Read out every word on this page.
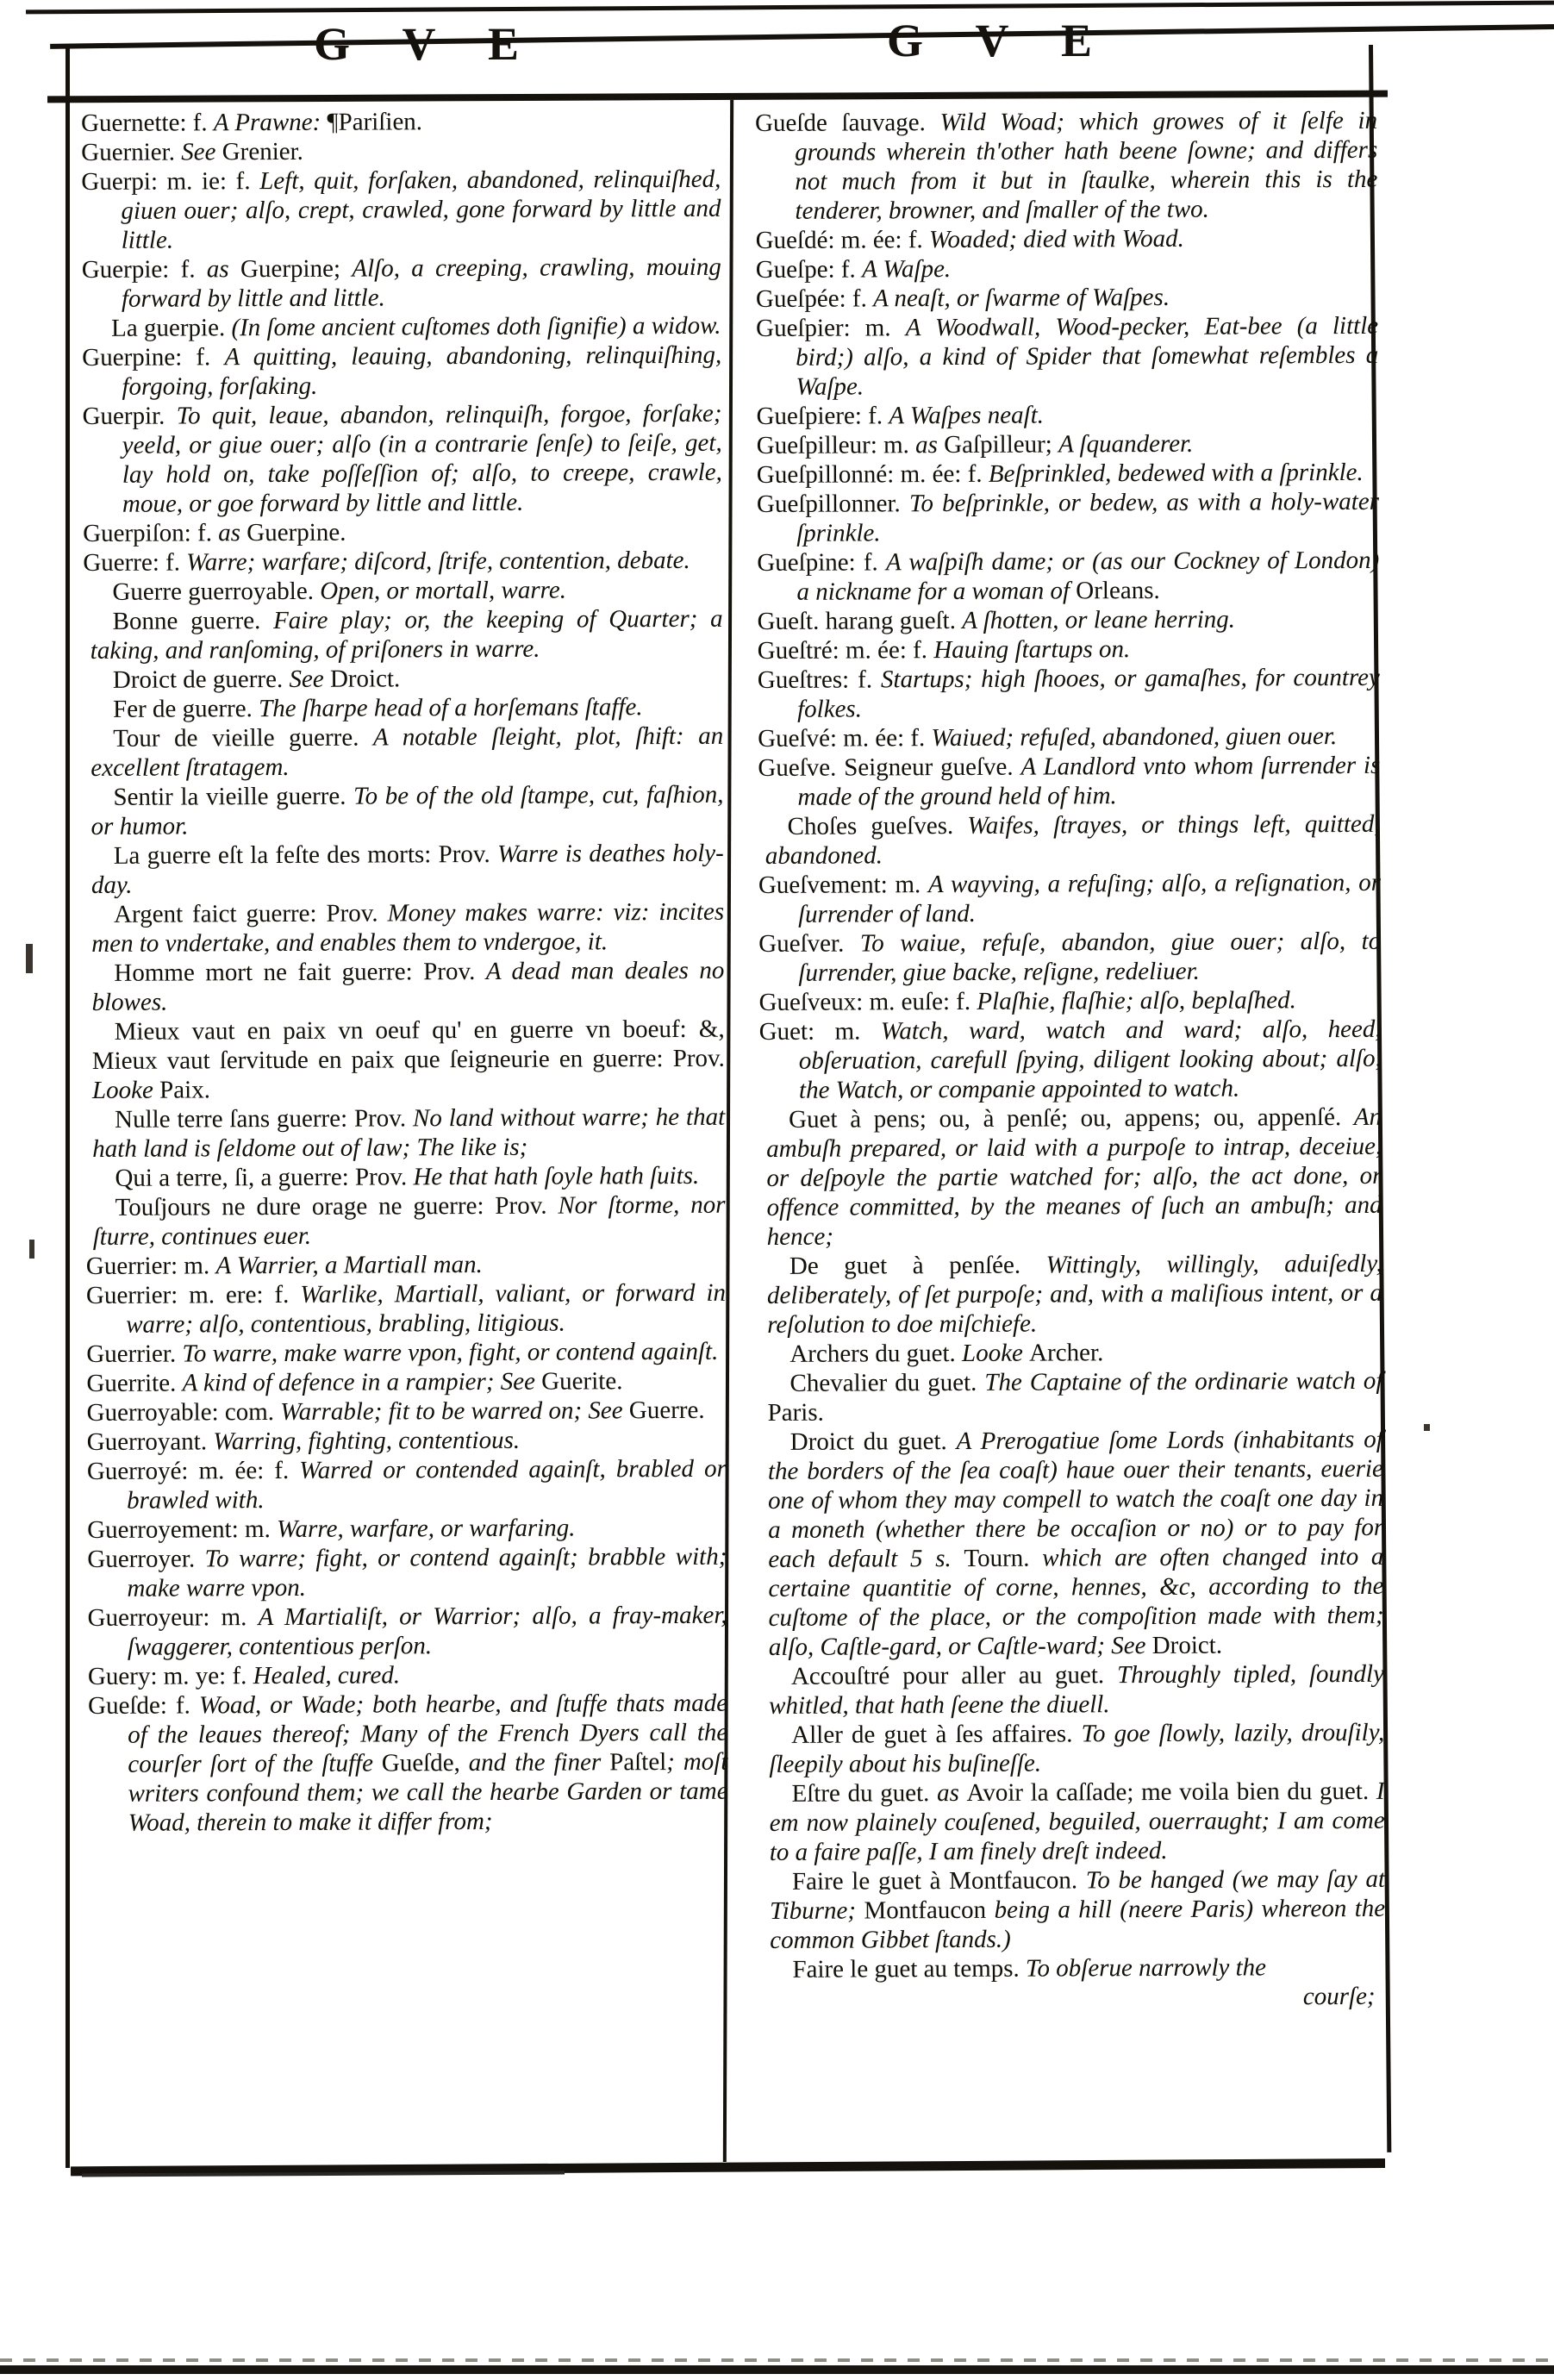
G V E	G V E

Guernette: f. A Prawne: ¶Pariſien.

Guernier. See Grenier.

Guerpi: m. ie: f. Left, quit, forſaken, abandoned, relinquiſhed, giuen ouer; alſo, crept, crawled, gone forward by little and little.

Guerpie: f. as Guerpine; Alſo, a creeping, crawling, mouing forward by little and little.

La guerpie. (In ſome ancient cuſtomes doth ſignifie) a widow.

Guerpine: f. A quitting, leauing, abandoning, relinquiſhing, forgoing, forſaking.

Guerpir. To quit, leaue, abandon, relinquiſh, forgoe, forſake; yeeld, or giue ouer; alſo (in a contrarie ſenſe) to ſeiſe, get, lay hold on, take poſſeſſion of; alſo, to creepe, crawle, moue, or goe forward by little and little.

Guerpiſon: f. as Guerpine.

Guerre: f. Warre; warfare; diſcord, ſtrife, contention, debate.

Guerre guerroyable. Open, or mortall, warre.

Bonne guerre. Faire play; or, the keeping of Quarter; a taking, and ranſoming, of priſoners in warre.

Droict de guerre. See Droict.

Fer de guerre. The ſharpe head of a horſemans ſtaffe.

Tour de vieille guerre. A notable ſleight, plot, ſhift: an excellent ſtratagem.

Sentir la vieille guerre. To be of the old ſtampe, cut, faſhion, or humor.

La guerre eſt la feſte des morts: Prov. Warre is deathes holy-day.

Argent faict guerre: Prov. Money makes warre: viz: incites men to vndertake, and enables them to vndergoe, it.

Homme mort ne fait guerre: Prov. A dead man deales no blowes.

Mieux vaut en paix vn oeuf qu' en guerre vn boeuf: &, Mieux vaut ſervitude en paix que ſeigneurie en guerre: Prov. Looke Paix.

Nulle terre ſans guerre: Prov. No land without warre; he that hath land is ſeldome out of law; The like is;

Qui a terre, ſi, a guerre: Prov. He that hath ſoyle hath ſuits.

Touſjours ne dure orage ne guerre: Prov. Nor ſtorme, nor ſturre, continues euer.

Guerrier: m. A Warrier, a Martiall man.

Guerrier: m. ere: f. Warlike, Martiall, valiant, or forward in warre; alſo, contentious, brabling, litigious.

Guerrier. To warre, make warre vpon, fight, or contend againſt.

Guerrite. A kind of defence in a rampier; See Guerite.

Guerroyable: com. Warrable; fit to be warred on; See Guerre.

Guerroyant. Warring, fighting, contentious.

Guerroyé: m. ée: f. Warred or contended againſt, brabled or brawled with.

Guerroyement: m. Warre, warfare, or warfaring.

Guerroyer. To warre; fight, or contend againſt; brabble with; make warre vpon.

Guerroyeur: m. A Martialiſt, or Warrior; alſo, a fray-maker, ſwaggerer, contentious perſon.

Guery: m. ye: f. Healed, cured.

Gueſde: f. Woad, or Wade; both hearbe, and ſtuffe thats made of the leaues thereof; Many of the French Dyers call the courſer ſort of the ſtuffe Gueſde, and the finer Paſtel; moſt writers confound them; we call the hearbe Garden or tame Woad, therein to make it differ from;

Gueſde ſauvage. Wild Woad; which growes of it ſelfe in grounds wherein th'other hath beene ſowne; and differs not much from it but in ſtaulke, wherein this is the tenderer, browner, and ſmaller of the two.

Gueſdé: m. ée: f. Woaded; died with Woad.

Gueſpe: f. A Waſpe.

Gueſpée: f. A neaſt, or ſwarme of Waſpes.

Gueſpier: m. A Woodwall, Wood-pecker, Eat-bee (a little bird;) alſo, a kind of Spider that ſomewhat reſembles a Waſpe.

Gueſpiere: f. A Waſpes neaſt.

Gueſpilleur: m. as Gaſpilleur; A ſquanderer.

Gueſpillonné: m. ée: f. Beſprinkled, bedewed with a ſprinkle.

Gueſpillonner. To beſprinkle, or bedew, as with a holy-water ſprinkle.

Gueſpine: f. A waſpiſh dame; or (as our Cockney of London) a nickname for a woman of Orleans.

Gueſt. harang gueſt. A ſhotten, or leane herring.

Gueſtré: m. ée: f. Hauing ſtartups on.

Gueſtres: f. Startups; high ſhooes, or gamaſhes, for countrey folkes.

Gueſvé: m. ée: f. Waiued; refuſed, abandoned, giuen ouer.

Gueſve. Seigneur gueſve. A Landlord vnto whom ſurrender is made of the ground held of him.

Choſes gueſves. Waifes, ſtrayes, or things left, quitted, abandoned.

Gueſvement: m. A wayving, a refuſing; alſo, a reſignation, or ſurrender of land.

Gueſver. To waiue, refuſe, abandon, giue ouer; alſo, to ſurrender, giue backe, reſigne, redeliuer.

Gueſveux: m. euſe: f. Plaſhie, flaſhie; alſo, beplaſhed.

Guet: m. Watch, ward, watch and ward; alſo, heed, obſeruation, carefull ſpying, diligent looking about; alſo, the Watch, or companie appointed to watch.

Guet à pens; ou, à penſé; ou, appens; ou, appenſé. An ambuſh prepared, or laid with a purpoſe to intrap, deceiue, or deſpoyle the partie watched for; alſo, the act done, or offence committed, by the meanes of ſuch an ambuſh; and hence;

De guet à penſée. Wittingly, willingly, aduiſedly, deliberately, of ſet purpoſe; and, with a maliſious intent, or a reſolution to doe miſchiefe.

Archers du guet. Looke Archer.

Chevalier du guet. The Captaine of the ordinarie watch of Paris.

Droict du guet. A Prerogatiue ſome Lords (inhabitants of the borders of the ſea coaſt) haue ouer their tenants, euerie one of whom they may compell to watch the coaſt one day in a moneth (whether there be occaſion or no) or to pay for each default 5 s. Tourn. which are often changed into a certaine quantitie of corne, hennes, &c, according to the cuſtome of the place, or the compoſition made with them; alſo, Caſtle-gard, or Caſtle-ward; See Droict.

Accouſtré pour aller au guet. Throughly tipled, ſoundly whitled, that hath ſeene the diuell.

Aller de guet à ſes affaires. To goe ſlowly, lazily, drouſily, ſleepily about his buſineſſe.

Eſtre du guet. as Avoir la caſſade; me voila bien du guet. I em now plainely couſened, beguiled, ouerraught; I am come to a faire paſſe, I am finely dreſt indeed.

Faire le guet à Montfaucon. To be hanged (we may ſay at Tiburne; Montfaucon being a hill (neere Paris) whereon the common Gibbet ſtands.)

Faire le guet au temps. To obſerue narrowly the

courſe;
